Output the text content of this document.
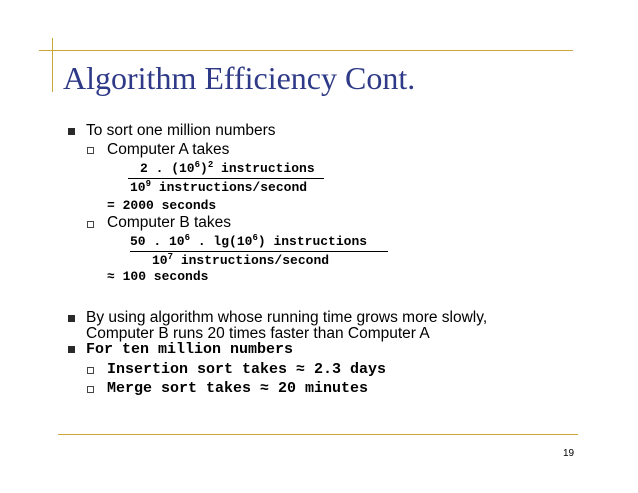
Algorithm Efficiency Cont.
To sort one million numbers
Computer A takes
2 . $(10^6)^2$ instructions
$10^9$ instructions/second
= 2000 seconds
Computer B takes
50 . $10^6$ . $\lg(10^6)$ instructions
$10^7$ instructions/second
≈ 100 seconds
By using algorithm whose running time grows more slowly,
Computer B runs 20 times faster than Computer A
For ten million numbers
Insertion sort takes ≈ 2.3 days
Merge sort takes ≈ 20 minutes
19
